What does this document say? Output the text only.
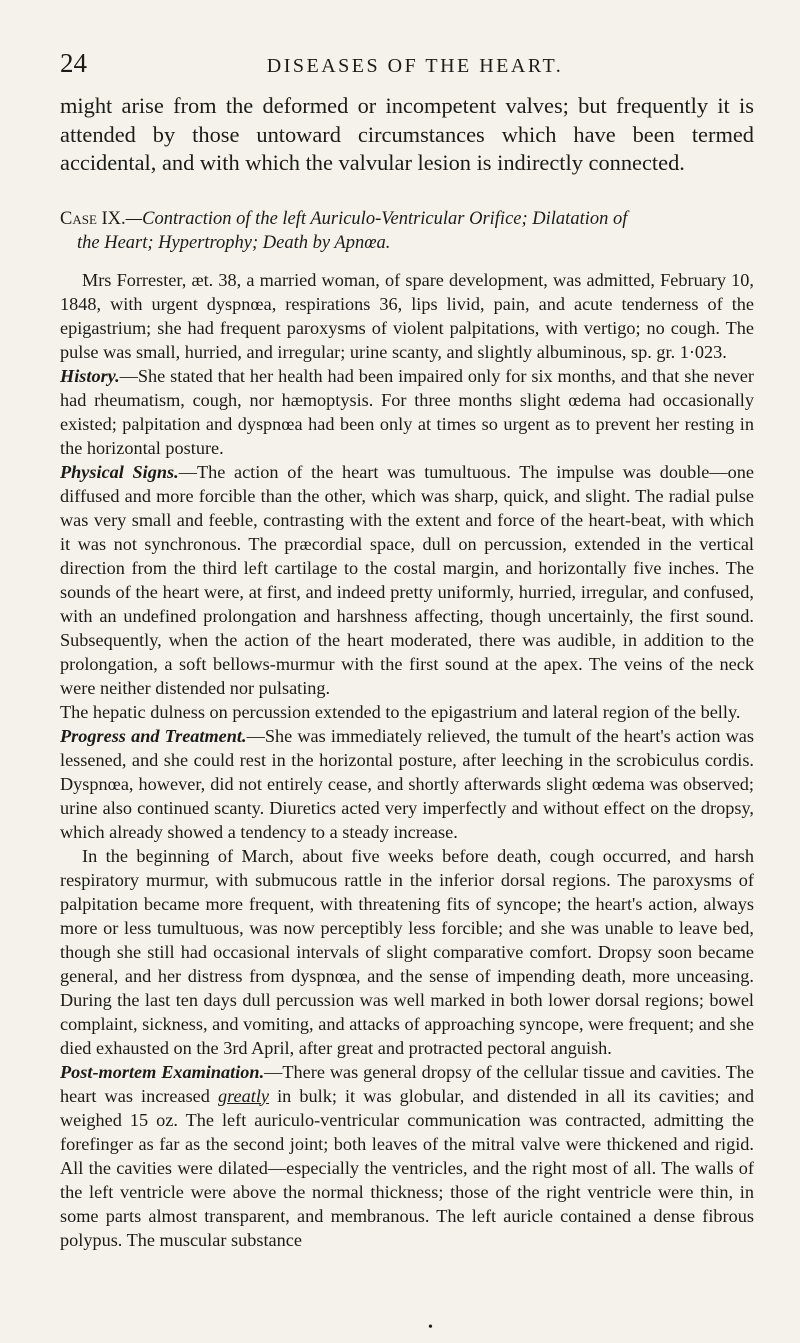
24	DISEASES OF THE HEART.

might arise from the deformed or incompetent valves; but frequently it is attended by those untoward circumstances which have been termed accidental, and with which the valvular lesion is indirectly connected.

Case IX.—Contraction of the left Auriculo-Ventricular Orifice; Dilatation of
the Heart; Hypertrophy; Death by Apnœa.

Mrs Forrester, æt. 38, a married woman, of spare development, was admitted, February 10, 1848, with urgent dyspnœa, respirations 36, lips livid, pain, and acute tenderness of the epigastrium; she had frequent paroxysms of violent palpitations, with vertigo; no cough. The pulse was small, hurried, and irregular; urine scanty, and slightly albuminous, sp. gr. 1·023.

History.—She stated that her health had been impaired only for six months, and that she never had rheumatism, cough, nor hæmoptysis. For three months slight œdema had occasionally existed; palpitation and dyspnœa had been only at times so urgent as to prevent her resting in the horizontal posture.

Physical Signs.—The action of the heart was tumultuous. The impulse was double—one diffused and more forcible than the other, which was sharp, quick, and slight. The radial pulse was very small and feeble, contrasting with the extent and force of the heart-beat, with which it was not synchronous. The præcordial space, dull on percussion, extended in the vertical direction from the third left cartilage to the costal margin, and horizontally five inches. The sounds of the heart were, at first, and indeed pretty uniformly, hurried, irregular, and confused, with an undefined prolongation and harshness affecting, though uncertainly, the first sound. Subsequently, when the action of the heart moderated, there was audible, in addition to the prolongation, a soft bellows-murmur with the first sound at the apex. The veins of the neck were neither distended nor pulsating.

The hepatic dulness on percussion extended to the epigastrium and lateral region of the belly.

Progress and Treatment.—She was immediately relieved, the tumult of the heart's action was lessened, and she could rest in the horizontal posture, after leeching in the scrobiculus cordis. Dyspnœa, however, did not entirely cease, and shortly afterwards slight œdema was observed; urine also continued scanty. Diuretics acted very imperfectly and without effect on the dropsy, which already showed a tendency to a steady increase.

In the beginning of March, about five weeks before death, cough occurred, and harsh respiratory murmur, with submucous rattle in the inferior dorsal regions. The paroxysms of palpitation became more frequent, with threatening fits of syncope; the heart's action, always more or less tumultuous, was now perceptibly less forcible; and she was unable to leave bed, though she still had occasional intervals of slight comparative comfort. Dropsy soon became general, and her distress from dyspnœa, and the sense of impending death, more unceasing. During the last ten days dull percussion was well marked in both lower dorsal regions; bowel complaint, sickness, and vomiting, and attacks of approaching syncope, were frequent; and she died exhausted on the 3rd April, after great and protracted pectoral anguish.

Post-mortem Examination.—There was general dropsy of the cellular tissue and cavities. The heart was increased greatly in bulk; it was globular, and distended in all its cavities; and weighed 15 oz. The left auriculo-ventricular communication was contracted, admitting the forefinger as far as the second joint; both leaves of the mitral valve were thickened and rigid. All the cavities were dilated—especially the ventricles, and the right most of all. The walls of the left ventricle were above the normal thickness; those of the right ventricle were thin, in some parts almost transparent, and membranous. The left auricle contained a dense fibrous polypus. The muscular substance

•
